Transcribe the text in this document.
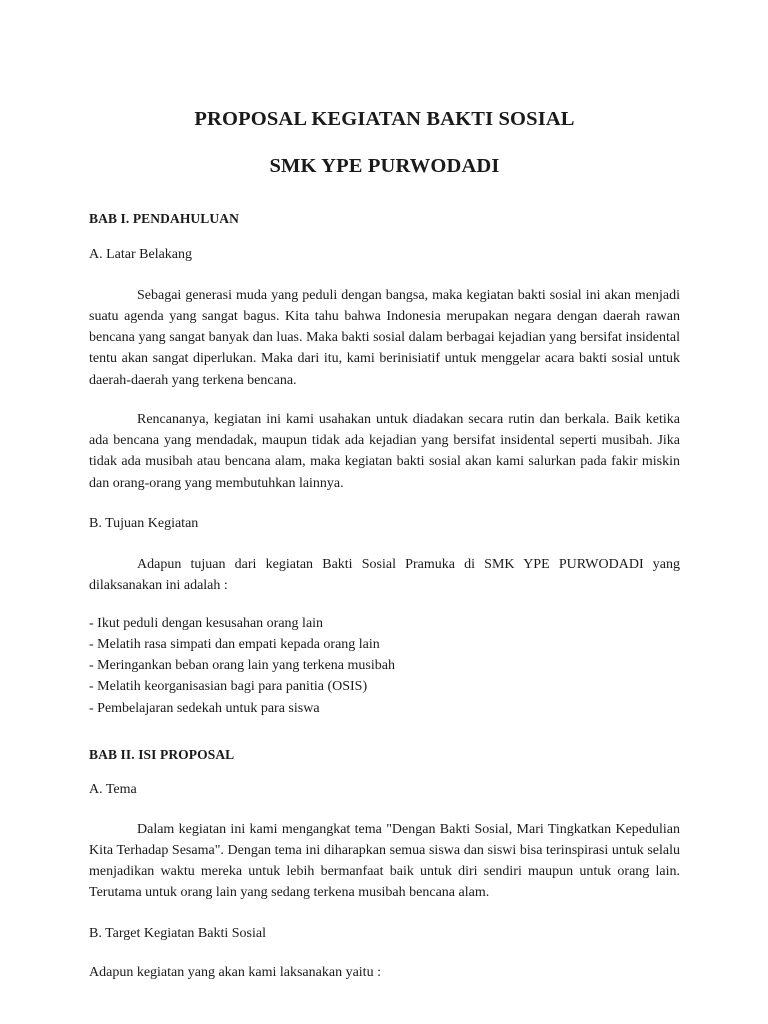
PROPOSAL KEGIATAN BAKTI SOSIAL
SMK YPE PURWODADI
BAB I. PENDAHULUAN
A. Latar Belakang

Sebagai generasi muda yang peduli dengan bangsa, maka kegiatan bakti sosial ini akan menjadi suatu agenda yang sangat bagus. Kita tahu bahwa Indonesia merupakan negara dengan daerah rawan bencana yang sangat banyak dan luas. Maka bakti sosial dalam berbagai kejadian yang bersifat insidental tentu akan sangat diperlukan. Maka dari itu, kami berinisiatif untuk menggelar acara bakti sosial untuk daerah-daerah yang terkena bencana.

Rencananya, kegiatan ini kami usahakan untuk diadakan secara rutin dan berkala. Baik ketika ada bencana yang mendadak, maupun tidak ada kejadian yang bersifat insidental seperti musibah. Jika tidak ada musibah atau bencana alam, maka kegiatan bakti sosial akan kami salurkan pada fakir miskin dan orang-orang yang membutuhkan lainnya.

B. Tujuan Kegiatan

Adapun tujuan dari kegiatan Bakti Sosial Pramuka di SMK YPE PURWODADI yang dilaksanakan ini adalah :

- Ikut peduli dengan kesusahan orang lain
- Melatih rasa simpati dan empati kepada orang lain
- Meringankan beban orang lain yang terkena musibah
- Melatih keorganisasian bagi para panitia (OSIS)
- Pembelajaran sedekah untuk para siswa
BAB II. ISI PROPOSAL
A. Tema

Dalam kegiatan ini kami mengangkat tema "Dengan Bakti Sosial, Mari Tingkatkan Kepedulian Kita Terhadap Sesama". Dengan tema ini diharapkan semua siswa dan siswi bisa terinspirasi untuk selalu menjadikan waktu mereka untuk lebih bermanfaat baik untuk diri sendiri maupun untuk orang lain. Terutama untuk orang lain yang sedang terkena musibah bencana alam.

B. Target Kegiatan Bakti Sosial

Adapun kegiatan yang akan kami laksanakan yaitu :
